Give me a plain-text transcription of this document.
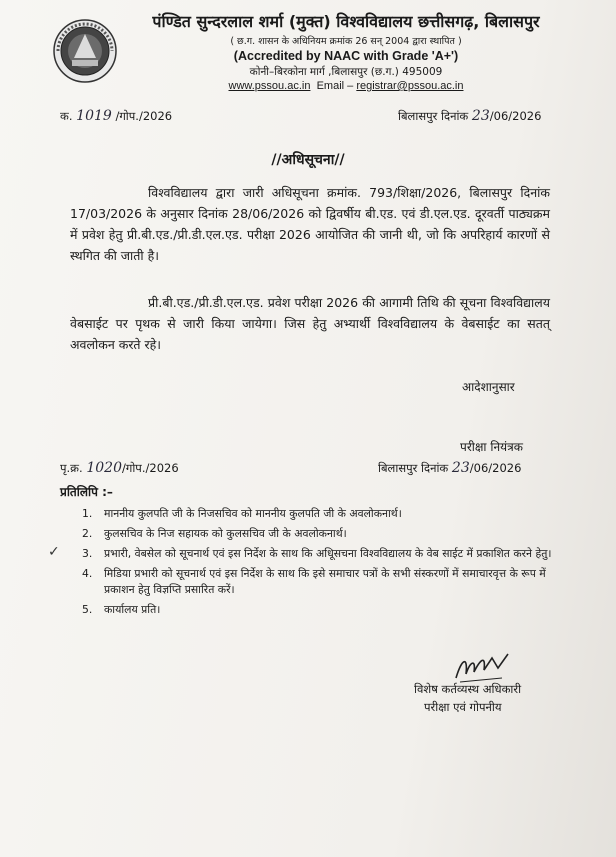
पंण्डित सुन्दरलाल शर्मा (मुक्त) विश्वविद्यालय छत्तीसगढ़, बिलासपुर
( छ.ग. शासन के अधिनियम क्रमांक 26 सन् 2004 द्वारा स्थापित )
(Accredited by NAAC with Grade 'A+')
कोनी–बिरकोना मार्ग ,बिलासपुर (छ.ग.) 495009
www.pssou.ac.in Email – registrar@pssou.ac.in
क. 1019 /गोप./2026	बिलासपुर दिनांक 23/06/2026
//अधिसूचना//
विश्वविद्यालय द्वारा जारी अधिसूचना क्रमांक. 793/शिक्षा/2026, बिलासपुर दिनांक 17/03/2026 के अनुसार दिनांक 28/06/2026 को द्विवर्षीय बी.एड. एवं डी.एल.एड. दूरवर्ती पाठ्यक्रम में प्रवेश हेतु प्री.बी.एड./प्री.डी.एल.एड. परीक्षा 2026 आयोजित की जानी थी, जो कि अपरिहार्य कारणों से स्थगित की जाती है।
प्री.बी.एड./प्री.डी.एल.एड. प्रवेश परीक्षा 2026 की आगामी तिथि की सूचना विश्वविद्यालय वेबसाईट पर पृथक से जारी किया जायेगा। जिस हेतु अभ्यार्थी विश्वविद्यालय के वेबसाईट का सतत् अवलोकन करते रहे।
आदेशानुसार
परीक्षा नियंत्रक
पृ.क्र. 1020/गोप./2026	बिलासपुर दिनांक 23/06/2026
प्रतिलिपि :–
1. माननीय कुलपति जी के निजसचिव को माननीय कुलपति जी के अवलोकनार्थ।
2. कुलसचिव के निज सहायक को कुलसचिव जी के अवलोकनार्थ।
✓ 3. प्रभारी, वेबसेल को सूचनार्थ एवं इस निर्देश के साथ कि अधिूसचना विश्वविद्यालय के वेब साईट में प्रकाशित करने हेतु।
4. मिडिया प्रभारी को सूचनार्थ एवं इस निर्देश के साथ कि इसे समाचार पत्रों के सभी संस्करणों में समाचारवृत्त के रूप में प्रकाशन हेतु विज्ञप्ति प्रसारित करें।
5. कार्यालय प्रति।
विशेष कर्तव्यस्थ अधिकारी
परीक्षा एवं गोपनीय
